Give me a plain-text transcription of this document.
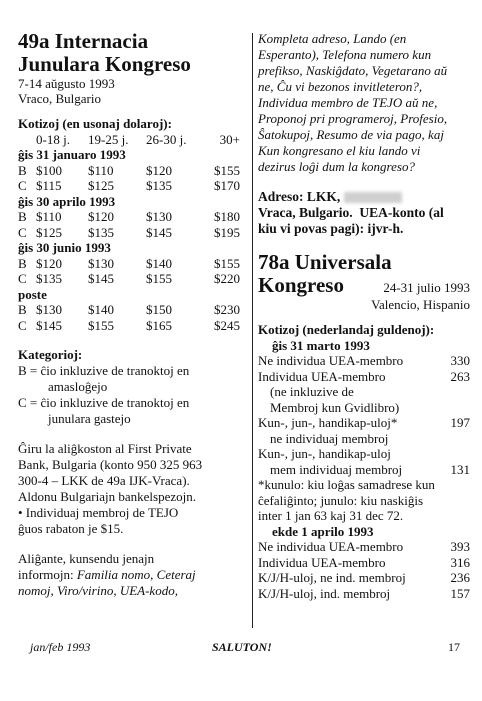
49a Internacia
Junulara Kongreso
7-14 aŭgusto 1993
Vraco, Bulgario
Kotizoj (en usonaj dolaroj):
0-18 j.	19-25 j.	26-30 j.	30+
ĝis 31 januaro 1993
B $100	$110	$120	$155
C $115	$125	$135	$170
ĝis 30 aprilo 1993
B $110	$120	$130	$180
C $125	$135	$145	$195
ĝis 30 junio 1993
B $120	$130	$140	$155
C $135	$145	$155	$220
poste
B $130	$140	$150	$230
C $145	$155	$165	$245
Kategorioj:
B = ĉio inkluzive de tranoktoj en
amasloĝejo
C = ĉio inkluzive de tranoktoj en
junulara gastejo
Ĝiru la aliĝkoston al First Private
Bank, Bulgaria (konto 950 325 963
300-4 – LKK de 49a IJK-Vraca).
Aldonu Bulgariajn bankelspezojn.
• Individuaj membroj de TEJO
ĝuos rabaton je $15.
Aliĝante, kunsendu jenajn
informojn: Familia nomo, Ceteraj
nomoj, Viro/virino, UEA-kodo,
Kompleta adreso, Lando (en
Esperanto), Telefona numero kun
prefikso, Naskiĝdato, Vegetarano aŭ
ne, Ĉu vi bezonos invitleteron?,
Individua membro de TEJO aŭ ne,
Proponoj pri programeroj, Profesio,
Ŝatokupoj, Resumo de via pago, kaj
Kun kongresano el kiu lando vi
dezirus loĝi dum la kongreso?
Adreso: LKK,
Vraca, Bulgario. UEA-konto (al
kiu vi povas pagi): ijvr-h.
78a Universala
Kongreso	24-31 julio 1993
Valencio, Hispanio
Kotizoj (nederlandaj guldenoj):
ĝis 31 marto 1993
Ne individua UEA-membro	330
Individua UEA-membro	263
(ne inkluzive de
Membroj kun Gvidlibro)
Kun-, jun-, handikap-uloj*	197
ne individuaj membroj
Kun-, jun-, handikap-uloj
mem individuaj membroj	131
*kunulo: kiu loĝas samadrese kun
ĉefaliĝinto; junulo: kiu naskiĝis
inter 1 jan 63 kaj 31 dec 72.
ekde 1 aprilo 1993
Ne individua UEA-membro	393
Individua UEA-membro	316
K/J/H-uloj, ne ind. membroj	236
K/J/H-uloj, ind. membroj	157
jan/feb 1993	SALUTON!	17
